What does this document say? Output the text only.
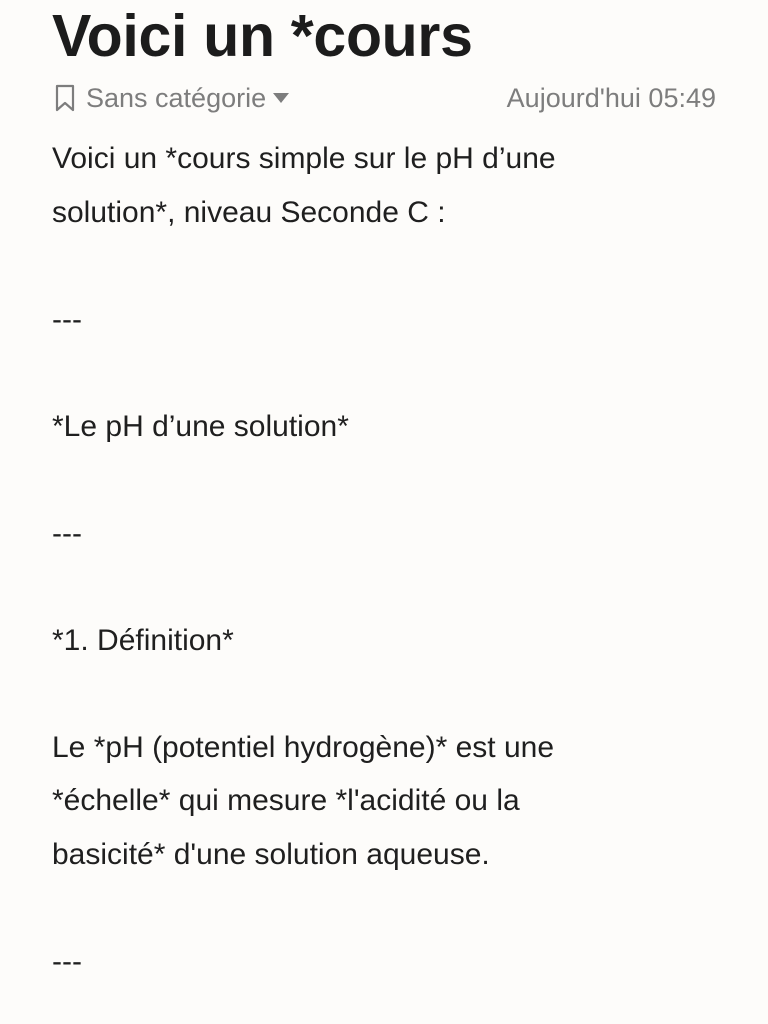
Voici un *cours
Sans catégorie	Aujourd'hui 05:49

Voici un *cours simple sur le pH d’une

solution*, niveau Seconde C :

---

*Le pH d’une solution*

---

*1. Définition*

Le *pH (potentiel hydrogène)* est une

*échelle* qui mesure *l'acidité ou la

basicité* d'une solution aqueuse.

---
